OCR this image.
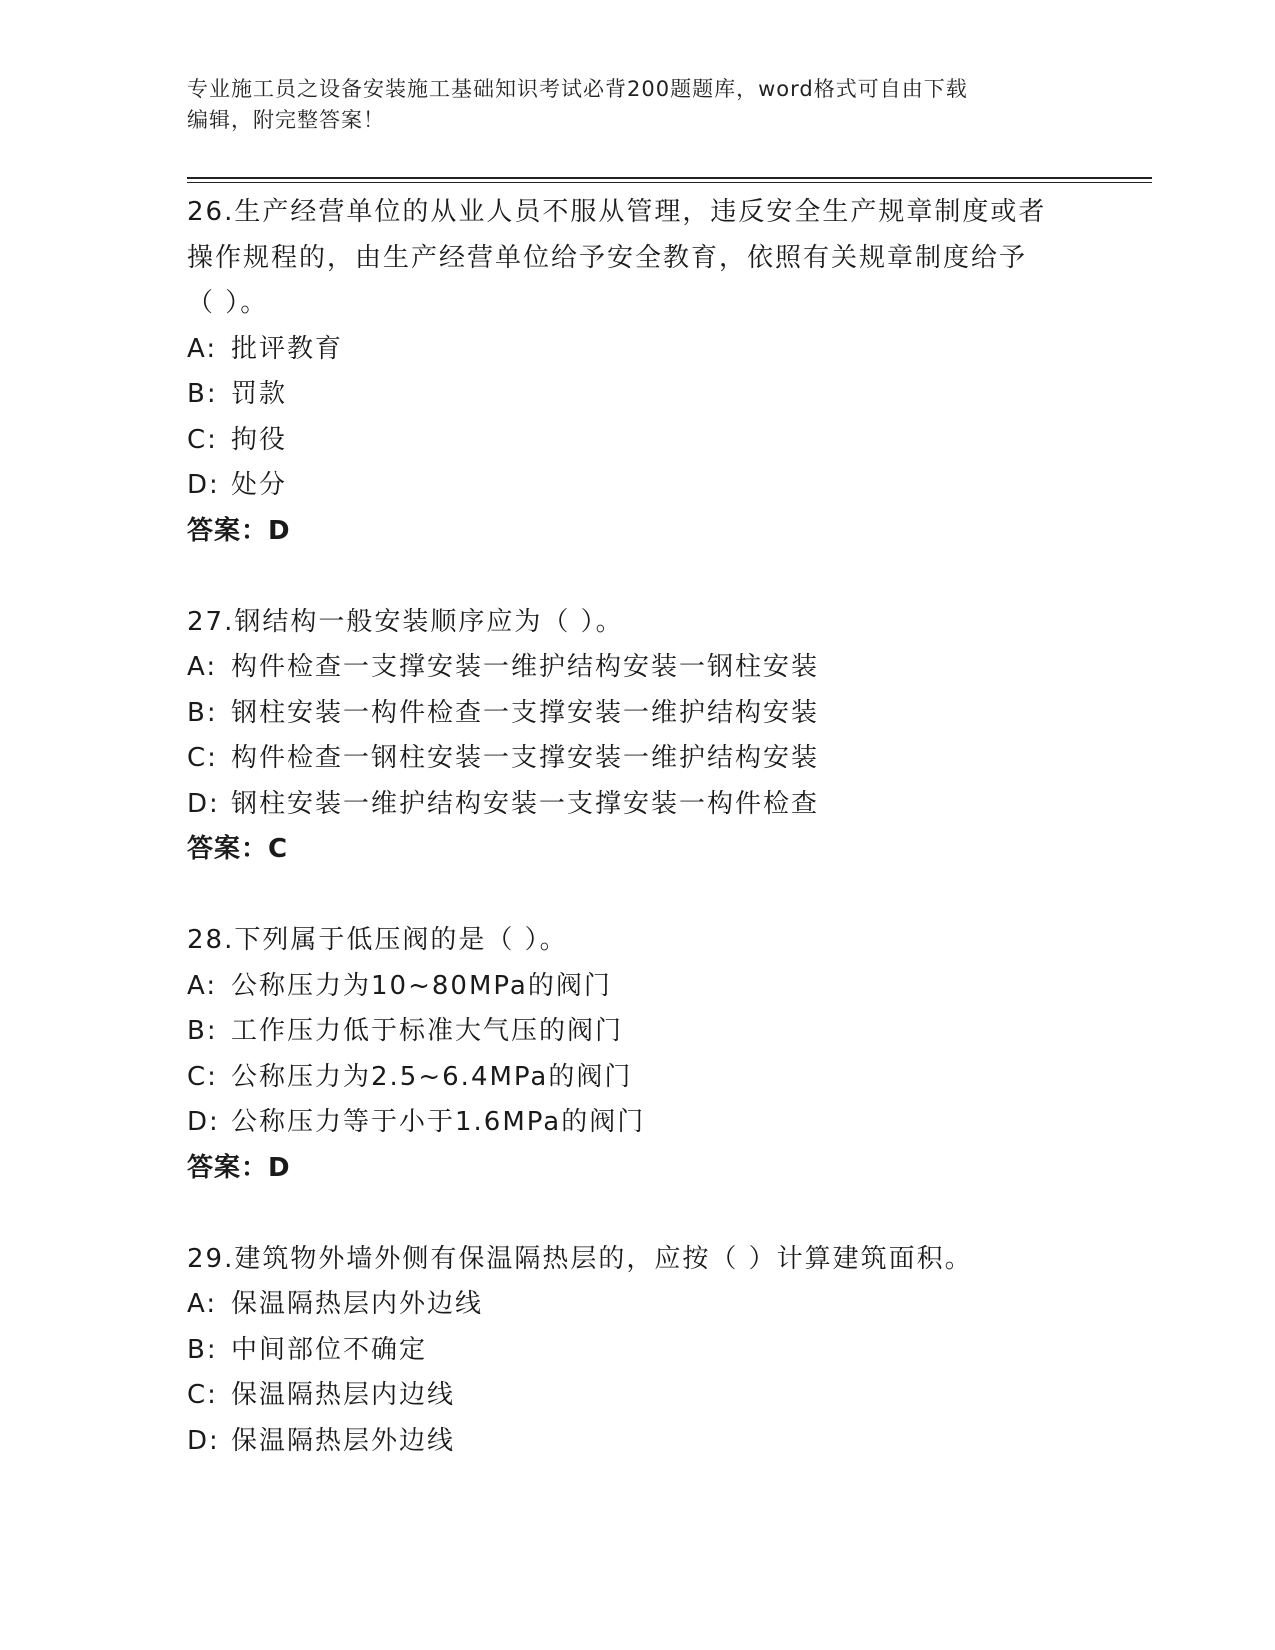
专业施工员之设备安装施工基础知识考试必背200题题库，word格式可自由下载
编辑，附完整答案！
26.生产经营单位的从业人员不服从管理，违反安全生产规章制度或者
操作规程的，由生产经营单位给予安全教育，依照有关规章制度给予
（ ）。
A: 批评教育
B: 罚款
C: 拘役
D: 处分
答案：D
27.钢结构一般安装顺序应为（ ）。
A: 构件检查一支撑安装一维护结构安装一钢柱安装
B: 钢柱安装一构件检查一支撑安装一维护结构安装
C: 构件检查一钢柱安装一支撑安装一维护结构安装
D: 钢柱安装一维护结构安装一支撑安装一构件检查
答案：C
28.下列属于低压阀的是（ ）。
A: 公称压力为10~80MPa的阀门
B: 工作压力低于标准大气压的阀门
C: 公称压力为2.5~6.4MPa的阀门
D: 公称压力等于小于1.6MPa的阀门
答案：D
29.建筑物外墙外侧有保温隔热层的，应按（ ）计算建筑面积。
A: 保温隔热层内外边线
B: 中间部位不确定
C: 保温隔热层内边线
D: 保温隔热层外边线
